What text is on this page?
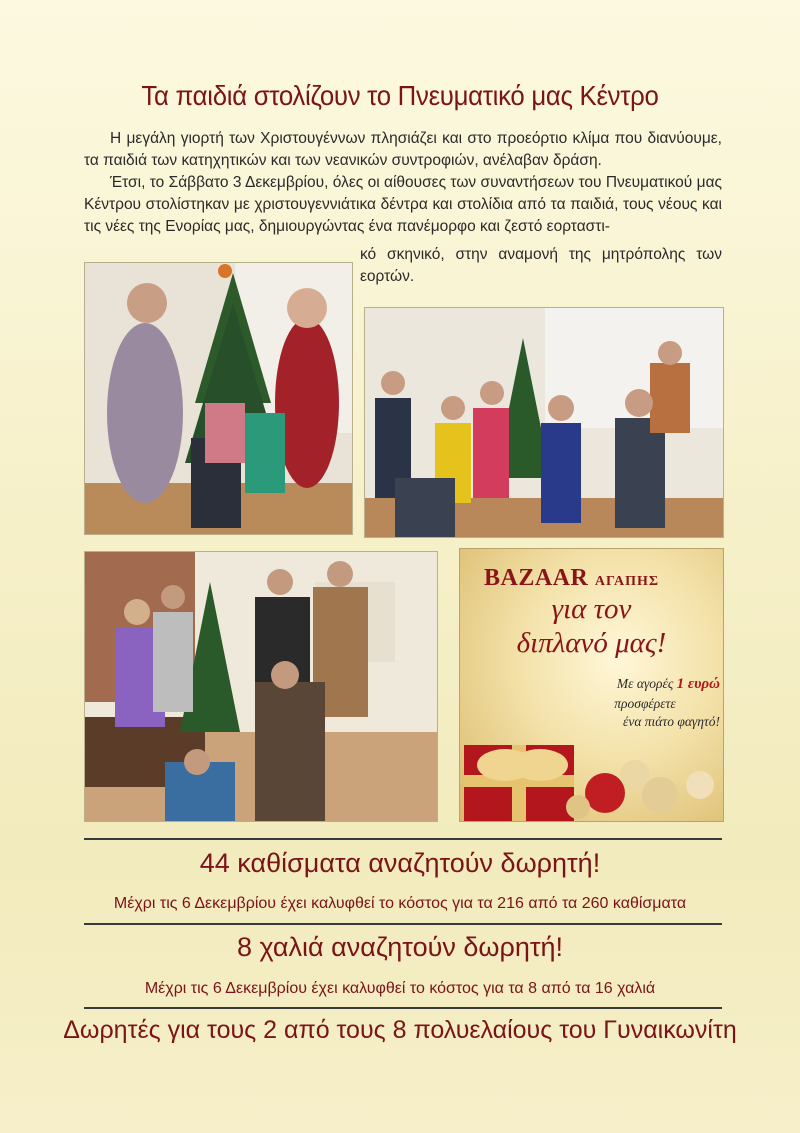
Τα παιδιά στολίζουν το Πνευματικό μας Κέντρο

Η μεγάλη γιορτή των Χριστουγέννων πλησιάζει και στο προεόρτιο κλίμα που διανύουμε, τα παιδιά των κατηχητικών και των νεανικών συντροφιών, ανέλαβαν δράση.

Έτσι, το Σάββατο 3 Δεκεμβρίου, όλες οι αίθουσες των συναντήσεων του Πνευματικού μας Κέντρου στολίστηκαν με χριστουγεννιάτικα δέντρα και στολίδια από τα παιδιά, τους νέους και τις νέες της Ενορίας μας, δημιουργώντας ένα πανέμορφο και ζεστό εορταστι-

κό σκηνικό, στην αναμονή της μητρόπολης των εορτών.
BAZAAR ΑΓΑΠΗΣ
για τον
διπλανό μας!
Με αγορές 1 ευρώ
προσφέρετε
ένα πιάτο φαγητό!
44 καθίσματα αναζητούν δωρητή!
Μέχρι τις 6 Δεκεμβρίου έχει καλυφθεί το κόστος για τα 216 από τα 260 καθίσματα
8 χαλιά αναζητούν δωρητή!
Μέχρι τις 6 Δεκεμβρίου έχει καλυφθεί το κόστος για τα 8 από τα 16 χαλιά
Δωρητές για τους 2 από τους 8 πολυελαίους του Γυναικωνίτη
